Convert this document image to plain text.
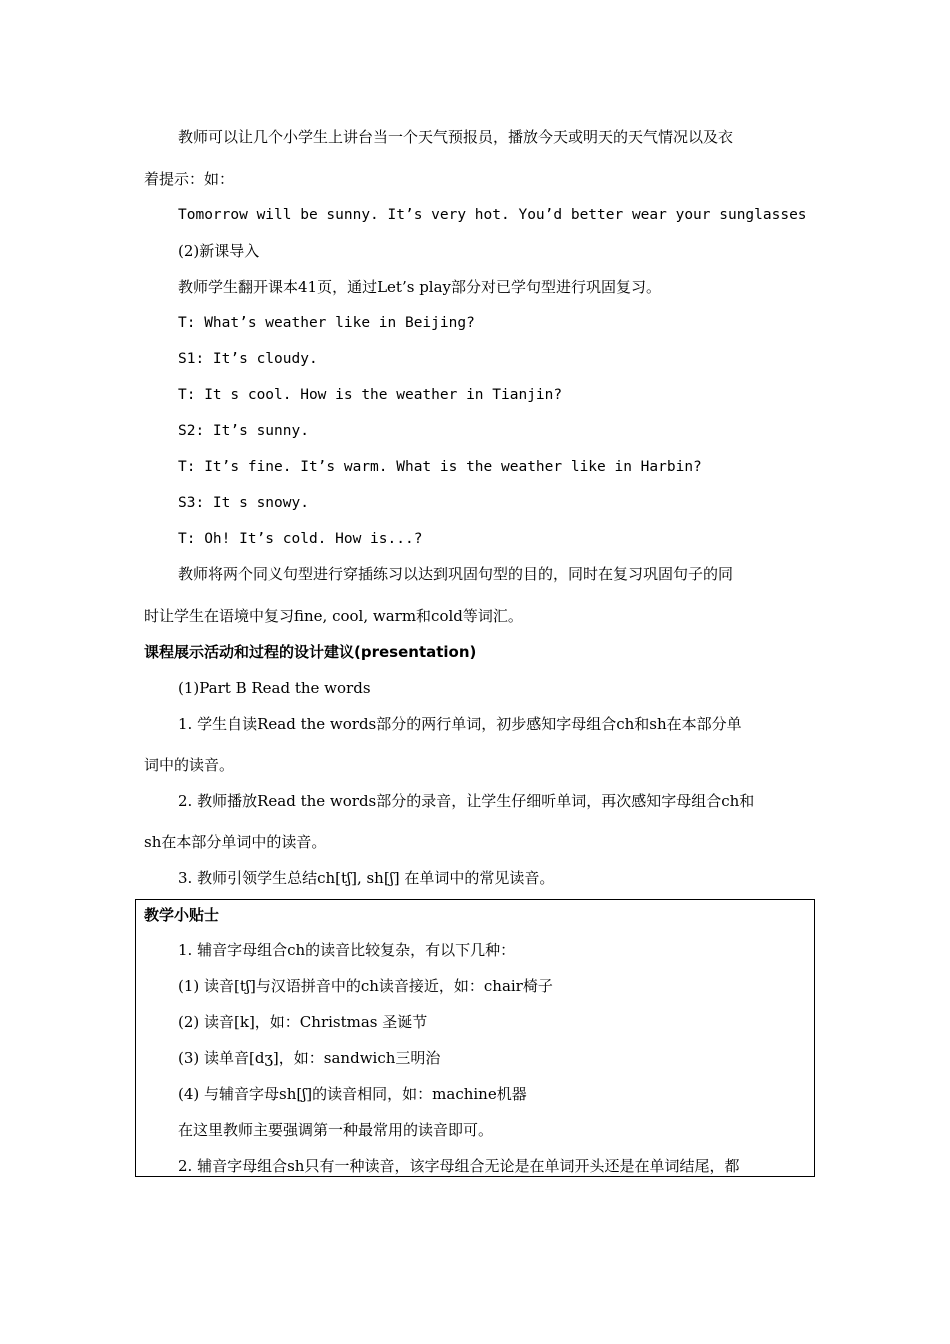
教师可以让几个小学生上讲台当一个天气预报员，播放今天或明天的天气情况以及衣
着提示：如：
Tomorrow will be sunny. It’s very hot. You’d better wear your sunglasses
(2)新课导入
教师学生翻开课本41页，通过Let’s play部分对已学句型进行巩固复习。
T: What’s weather like in Beijing?
S1: It’s cloudy.
T: It s cool. How is the weather in Tianjin?
S2: It’s sunny.
T: It’s fine. It’s warm. What is the weather like in Harbin?
S3: It s snowy.
T: Oh! It’s cold. How is...?
教师将两个同义句型进行穿插练习以达到巩固句型的目的，同时在复习巩固句子的同
时让学生在语境中复习fine, cool, warm和cold等词汇。
课程展示活动和过程的设计建议(presentation)
(1)Part B Read the words
1. 学生自读Read the words部分的两行单词，初步感知字母组合ch和sh在本部分单
词中的读音。
2. 教师播放Read the words部分的录音，让学生仔细听单词，再次感知字母组合ch和
sh在本部分单词中的读音。
3. 教师引领学生总结ch[tʃ], sh[ʃ] 在单词中的常见读音。
教学小贴士
1. 辅音字母组合ch的读音比较复杂，有以下几种：
(1) 读音[tʃ]与汉语拼音中的ch读音接近，如：chair椅子
(2) 读音[k]，如：Christmas 圣诞节
(3) 读单音[dʒ]，如：sandwich三明治
(4) 与辅音字母sh[ʃ]的读音相同，如：machine机器
在这里教师主要强调第一种最常用的读音即可。
2. 辅音字母组合sh只有一种读音，该字母组合无论是在单词开头还是在单词结尾，都
